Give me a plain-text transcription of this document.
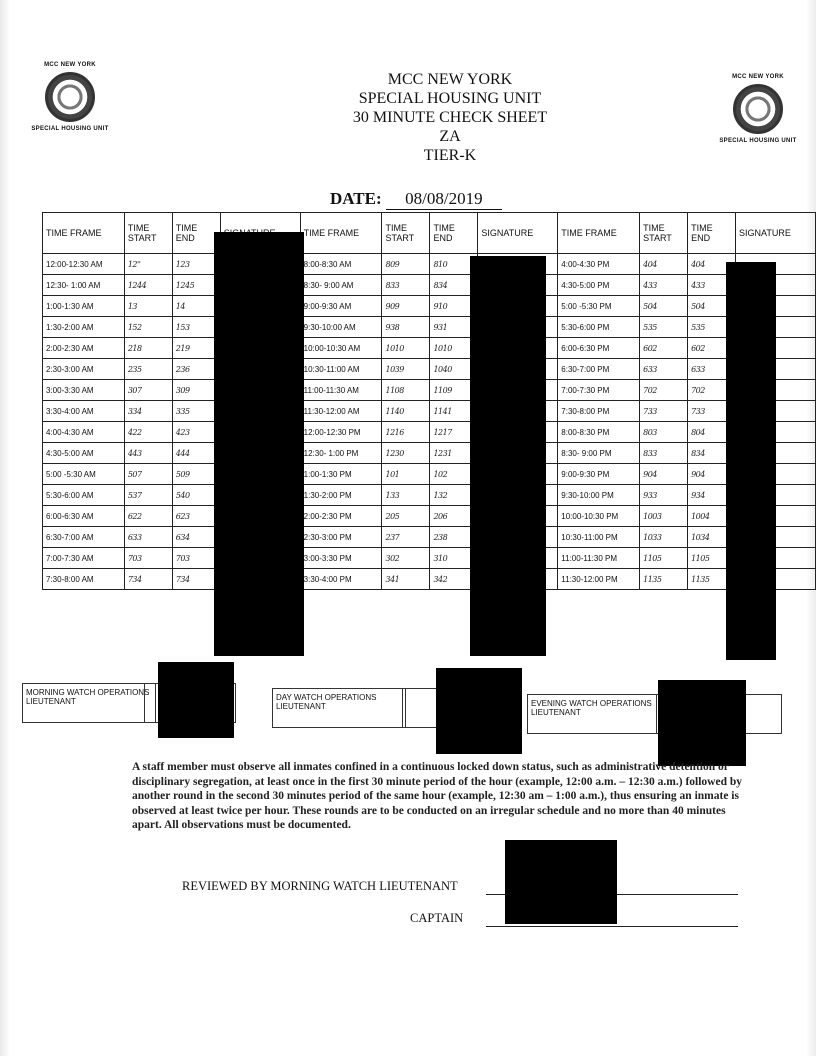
MCC NEW YORK
SPECIAL HOUSING UNIT
MCC NEW YORK
SPECIAL HOUSING UNIT
MCC NEW YORK
SPECIAL HOUSING UNIT
30 MINUTE CHECK SHEET
ZA
TIER-K
DATE: 08/08/2019
TIME FRAME	TIME START	TIME END		TIME FRAME	TIME START	TIME END	SIGNATURE	TIME FRAME	TIME START	TIME END	SIGNATURE
12:00-12:30 AM	12''	123		8:00-8:30 AM	809	810		4:00-4:30 PM	404	404	
12:30- 1:00 AM	1244	1245		8:30- 9:00 AM	833	834		4:30-5:00 PM	433	433	
1:00-1:30 AM	13	14		9:00-9:30 AM	909	910		5:00 -5:30 PM	504	504	
1:30-2:00 AM	152	153		9:30-10:00 AM	938	931		5:30-6:00 PM	535	535	
2:00-2:30 AM	218	219		10:00-10:30 AM	1010	1010		6:00-6:30 PM	602	602	
2:30-3:00 AM	235	236		10:30-11:00 AM	1039	1040		6:30-7:00 PM	633	633	
3:00-3:30 AM	307	309		11:00-11:30 AM	1108	1109		7:00-7:30 PM	702	702	
3:30-4:00 AM	334	335		11:30-12:00 AM	1140	1141		7:30-8:00 PM	733	733	
4:00-4:30 AM	422	423		12:00-12:30 PM	1216	1217		8:00-8:30 PM	803	804	
4:30-5:00 AM	443	444		12:30- 1:00 PM	1230	1231		8:30- 9:00 PM	833	834	
5:00 -5:30 AM	507	509		1:00-1:30 PM	101	102		9:00-9:30 PM	904	904	
5:30-6:00 AM	537	540		1:30-2:00 PM	133	132		9:30-10:00 PM	933	934	
6:00-6:30 AM	622	623		2:00-2:30 PM	205	206		10:00-10:30 PM	1003	1004	
6:30-7:00 AM	633	634		2:30-3:00 PM	237	238		10:30-11:00 PM	1033	1034	
7:00-7:30 AM	703	703		3:00-3:30 PM	302	310		11:00-11:30 PM	1105	1105	
7:30-8:00 AM	734	734		3:30-4:00 PM	341	342		11:30-12:00 PM	1135	1135	
MORNING WATCH OPERATIONS LIEUTENANT	DAY WATCH OPERATIONS LIEUTENANT	EVENING WATCH OPERATIONS LIEUTENANT
A staff member must observe all inmates confined in a continuous locked down status, such as administrative detention or disciplinary segregation, at least once in the first 30 minute period of the hour (example, 12:00 a.m. – 12:30 a.m.) followed by another round in the second 30 minutes period of the same hour (example, 12:30 am – 1:00 a.m.), thus ensuring an inmate is observed at least twice per hour. These rounds are to be conducted on an irregular schedule and no more than 40 minutes apart. All observations must be documented.
REVIEWED BY MORNING WATCH LIEUTENANT
CAPTAIN
